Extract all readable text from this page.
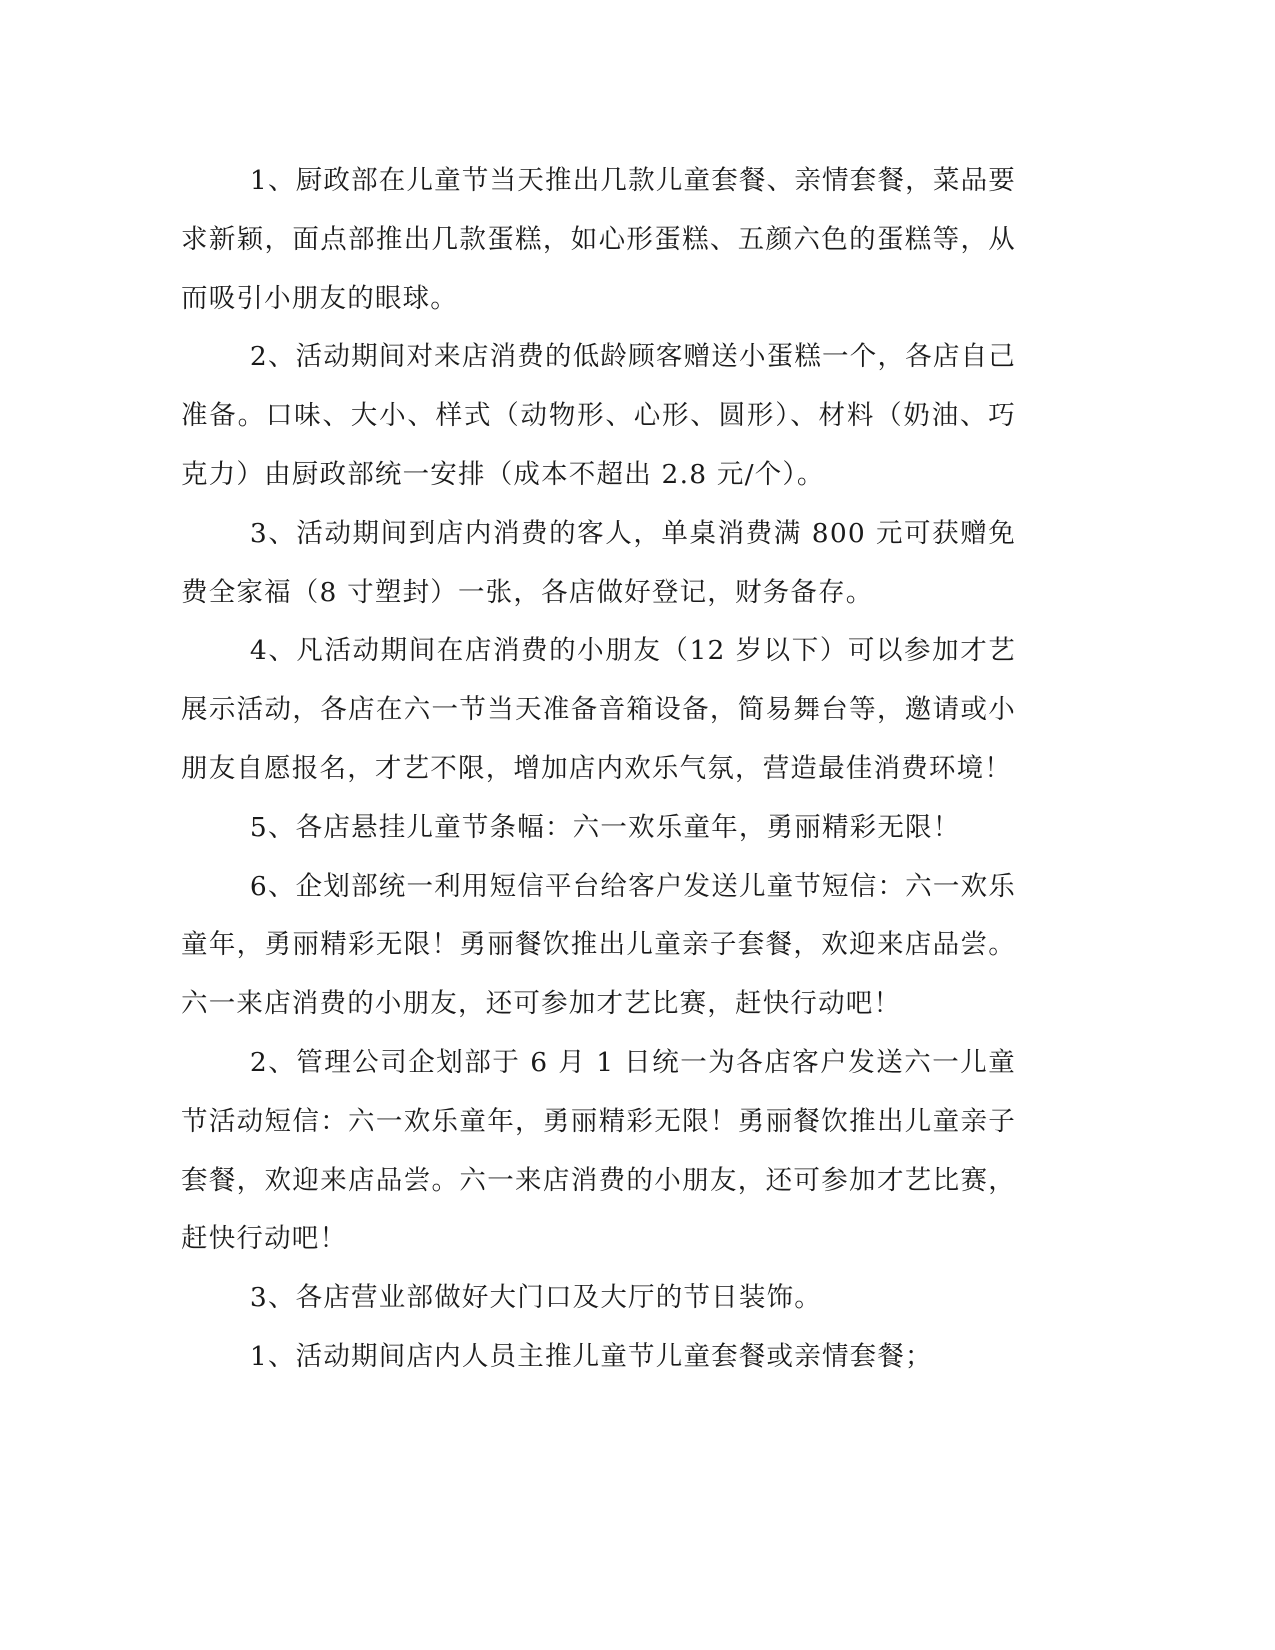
1、厨政部在儿童节当天推出几款儿童套餐、亲情套餐，菜品要求新颖，面点部推出几款蛋糕，如心形蛋糕、五颜六色的蛋糕等，从而吸引小朋友的眼球。

2、活动期间对来店消费的低龄顾客赠送小蛋糕一个，各店自己准备。口味、大小、样式（动物形、心形、圆形）、材料（奶油、巧克力）由厨政部统一安排（成本不超出 2.8 元/个）。

3、活动期间到店内消费的客人，单桌消费满 800 元可获赠免费全家福（8 寸塑封）一张，各店做好登记，财务备存。

4、凡活动期间在店消费的小朋友（12 岁以下）可以参加才艺展示活动，各店在六一节当天准备音箱设备，简易舞台等，邀请或小朋友自愿报名，才艺不限，增加店内欢乐气氛，营造最佳消费环境！

5、各店悬挂儿童节条幅：六一欢乐童年，勇丽精彩无限！

6、企划部统一利用短信平台给客户发送儿童节短信：六一欢乐童年，勇丽精彩无限！勇丽餐饮推出儿童亲子套餐，欢迎来店品尝。六一来店消费的小朋友，还可参加才艺比赛，赶快行动吧！

2、管理公司企划部于 6 月 1 日统一为各店客户发送六一儿童节活动短信：六一欢乐童年，勇丽精彩无限！勇丽餐饮推出儿童亲子套餐，欢迎来店品尝。六一来店消费的小朋友，还可参加才艺比赛，赶快行动吧！

3、各店营业部做好大门口及大厅的节日装饰。

1、活动期间店内人员主推儿童节儿童套餐或亲情套餐；
